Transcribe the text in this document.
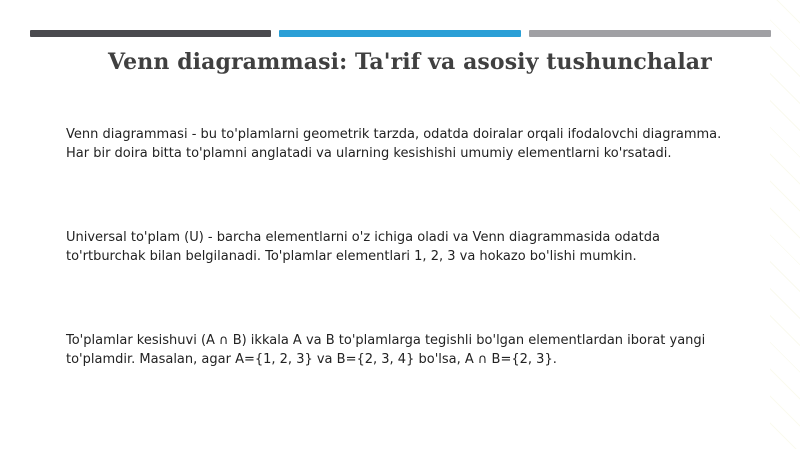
Venn diagrammasi: Ta'rif va asosiy tushunchalar
Venn diagrammasi - bu to'plamlarni geometrik tarzda, odatda doiralar orqali ifodalovchi diagramma. Har bir doira bitta to'plamni anglatadi va ularning kesishishi umumiy elementlarni ko'rsatadi.
Universal to'plam (U) - barcha elementlarni o'z ichiga oladi va Venn diagrammasida odatda to'rtburchak bilan belgilanadi. To'plamlar elementlari 1, 2, 3 va hokazo bo'lishi mumkin.
To'plamlar kesishuvi (A ∩ B) ikkala A va B to'plamlarga tegishli bo'lgan elementlardan iborat yangi to'plamdir. Masalan, agar A={1, 2, 3} va B={2, 3, 4} bo'lsa, A ∩ B={2, 3}.
